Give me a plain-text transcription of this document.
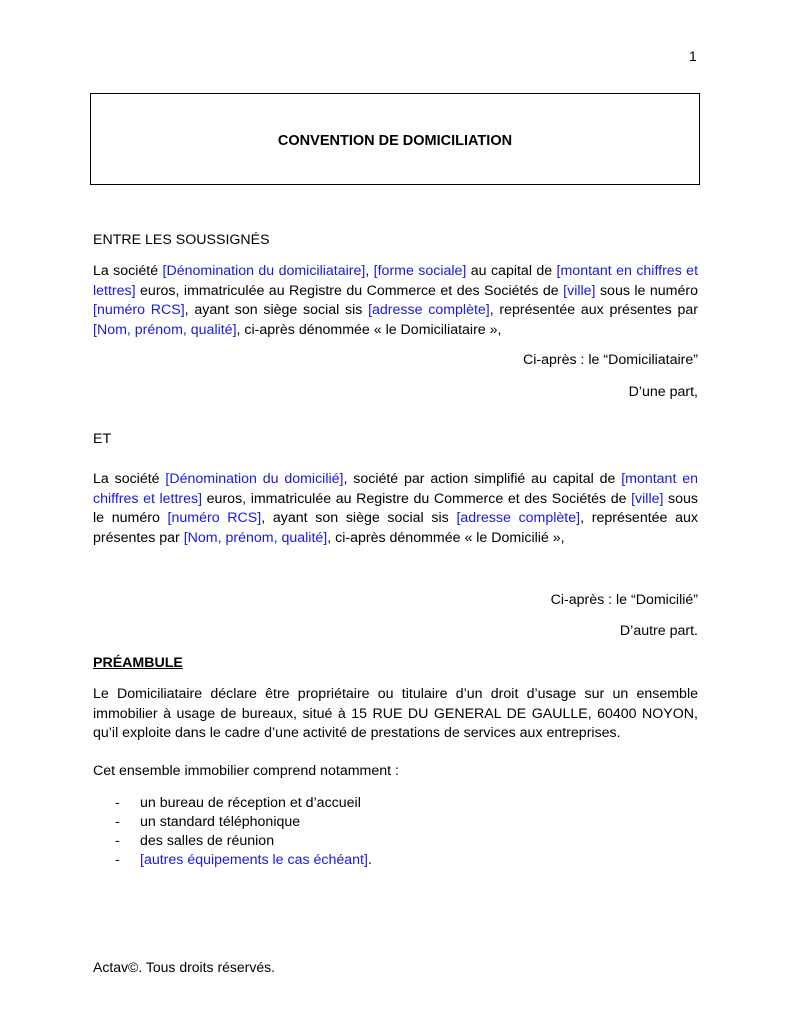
1
CONVENTION DE DOMICILIATION
ENTRE LES SOUSSIGNÉS
La société [Dénomination du domiciliataire], [forme sociale] au capital de [montant en chiffres et lettres] euros, immatriculée au Registre du Commerce et des Sociétés de [ville] sous le numéro [numéro RCS], ayant son siège social sis [adresse complète], représentée aux présentes par [Nom, prénom, qualité], ci-après dénommée « le Domiciliataire »,
Ci-après : le “Domiciliataire”
D’une part,
ET
La société [Dénomination du domicilié], société par action simplifié au capital de [montant en chiffres et lettres] euros, immatriculée au Registre du Commerce et des Sociétés de [ville] sous le numéro [numéro RCS], ayant son siège social sis [adresse complète], représentée aux présentes par [Nom, prénom, qualité], ci-après dénommée « le Domicilié »,
Ci-après : le “Domicilié”
D’autre part.
PRÉAMBULE
Le Domiciliataire déclare être propriétaire ou titulaire d’un droit d’usage sur un ensemble immobilier à usage de bureaux, situé à 15 RUE DU GENERAL DE GAULLE, 60400 NOYON, qu’il exploite dans le cadre d’une activité de prestations de services aux entreprises.
Cet ensemble immobilier comprend notamment :
-	un bureau de réception et d’accueil
-	un standard téléphonique
-	des salles de réunion
-	[autres équipements le cas échéant].
Actav©. Tous droits réservés.
